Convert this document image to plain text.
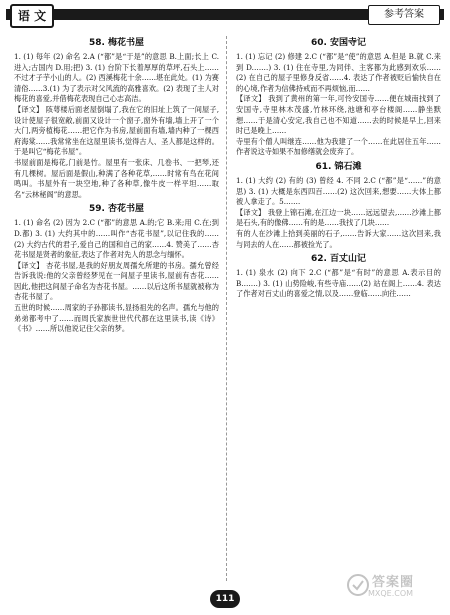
语 文	参考答案
58. 梅花书屋

1. (1) 每年 (2) 命名 2.A (“都”是“于是”的意思 B.上面;长上 C.进入;古国内 D.用;把) 3. (1) 台阶下长着厚厚的草坪,石头上……不过才子芋小山的人。(2) 西溪梅花十余……堪在此处。(1) 为赛清俗……3.(1) 为了表示对父风流的高雅喜欢。(2) 表现了主人对梅花的喜爱,并借梅花表现自己心志高洁。

【译文】 陔萼楼后面老屋倒塌了,我在它的旧址上筑了一间屋子,设计使屋子很宽敞,前面又设计一个窗子,窗外有墙,墙上开了一个大门,两旁植梅花……把它作为书房,屋前面有墙,墙内种了一棵西府海棠……我常常坐在这屋里读书,觉得古人、圣人都是这样的。于是叫它“梅花书屋”。

书屋前面是梅花,门前是竹。屋里有一张床、几卷书、一把琴,还有几棵树。屋后面是假山,种满了各种花草,……时常有鸟在花间鸣叫。书屋外有一块空地,种了各种草,像牛皮一样平坦……取名“云林秘阁”的意思。

59. 杏花书屋

1. (1) 命名 (2) 因为 2.C (“都”的意思 A.的;它 B.来;用 C.在;到 D.都) 3. (1) 大约其中的……叫作“杏花书屋”,以记住我的……(2) 大约古代的君子,爱自己的国和自己的家……4. 赞美了……杏花书屋是贤者的象征,表达了作者对先人的思念与缅怀。

【译文】 杏花书屋,是我的好朋友周孺允所建的书房。孺允曾经告诉我说:他的父亲曾经梦见在一间屋子里读书,屋前有杏花……因此,他把这间屋子命名为杏花书屋。……以后这所书屋就被称为杏花书屋了。

五世的时候……周家的子孙都读书,显扬祖先的名声。孺允与他的弟弟都考中了……而周氏家族世世代代都在这里读书,读《诗》《书》……所以他说记住父亲的梦。

60. 安国寺记

1. (1) 忘记 (2) 修建 2.C (“都”是“使”的意思 A.但是 B.就 C.来到 D.……) 3. (1) 住在寺里,为同伴、主客都为此感到欢乐……(2) 在自己的屋子里修身反省……4. 表达了作者被贬后愉快自在的心境,作者为信佛持戒而不再烦恼,而……

【译文】 我到了黄州的第一年,可怜安国寺……便在城南找到了安国寺,寺里林木茂盛,竹林环绕,池塘和亭台楼阁……静坐默想……于是清心安定,我自己也不知道……去的时候是早上,回来时已是晚上……

寺里有个僧人叫继连……他为我建了一个……在此居住五年……作者说这寺如果不加修缮就会废弃了。

61. 锦石滩

1. (1) 大约 (2) 有的 (3) 曾经 4. 不同 2.C (“都”是“……”的意思) 3. (1) 大概是东西四百……(2) 这次回来,想要……大体上都被人拿走了。5.……

【译文】 我登上锦石滩,在江边一块……远远望去,……沙滩上都是石头,有的像佛……有的是……我找了几块……

有的人在沙滩上拾到美丽的石子,……告诉大家……这次回来,我与同去的人在……都被捡光了。

62. 百丈山记

1. (1) 泉水 (2) 向下 2.C (“都”是“有时”的意思 A.表示目的 B.……) 3. (1) 山势险峻,有些寺庙……(2) 站在阁上……4. 表达了作者对百丈山的喜爱之情,以及……登临……向往……

111
答案圈
MXQE.COM
